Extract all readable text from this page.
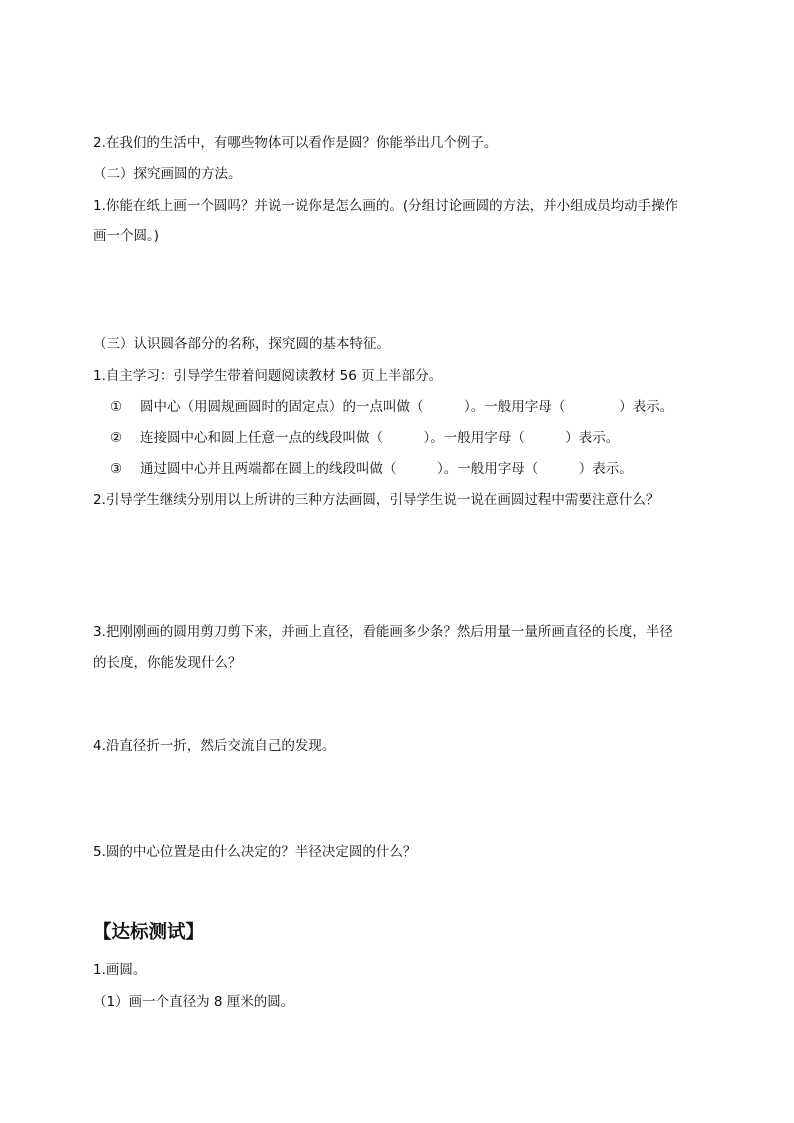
2.在我们的生活中，有哪些物体可以看作是圆？你能举出几个例子。
（二）探究画圆的方法。
1.你能在纸上画一个圆吗？并说一说你是怎么画的。(分组讨论画圆的方法，并小组成员均动手操作
画一个圆。)
（三）认识圆各部分的名称，探究圆的基本特征。
1.自主学习：引导学生带着问题阅读教材 56 页上半部分。
① 圆中心（用圆规画圆时的固定点）的一点叫做（　　　）。一般用字母（　　　　）表示。
② 连接圆中心和圆上任意一点的线段叫做（　　　）。一般用字母（　　　）表示。
③ 通过圆中心并且两端都在圆上的线段叫做（　　　）。一般用字母（　　　）表示。
2.引导学生继续分别用以上所讲的三种方法画圆，引导学生说一说在画圆过程中需要注意什么？
3.把刚刚画的圆用剪刀剪下来，并画上直径，看能画多少条？然后用量一量所画直径的长度，半径
的长度，你能发现什么？
4.沿直径折一折，然后交流自己的发现。
5.圆的中心位置是由什么决定的？半径决定圆的什么？
【达标测试】
1.画圆。
（1）画一个直径为 8 厘米的圆。
